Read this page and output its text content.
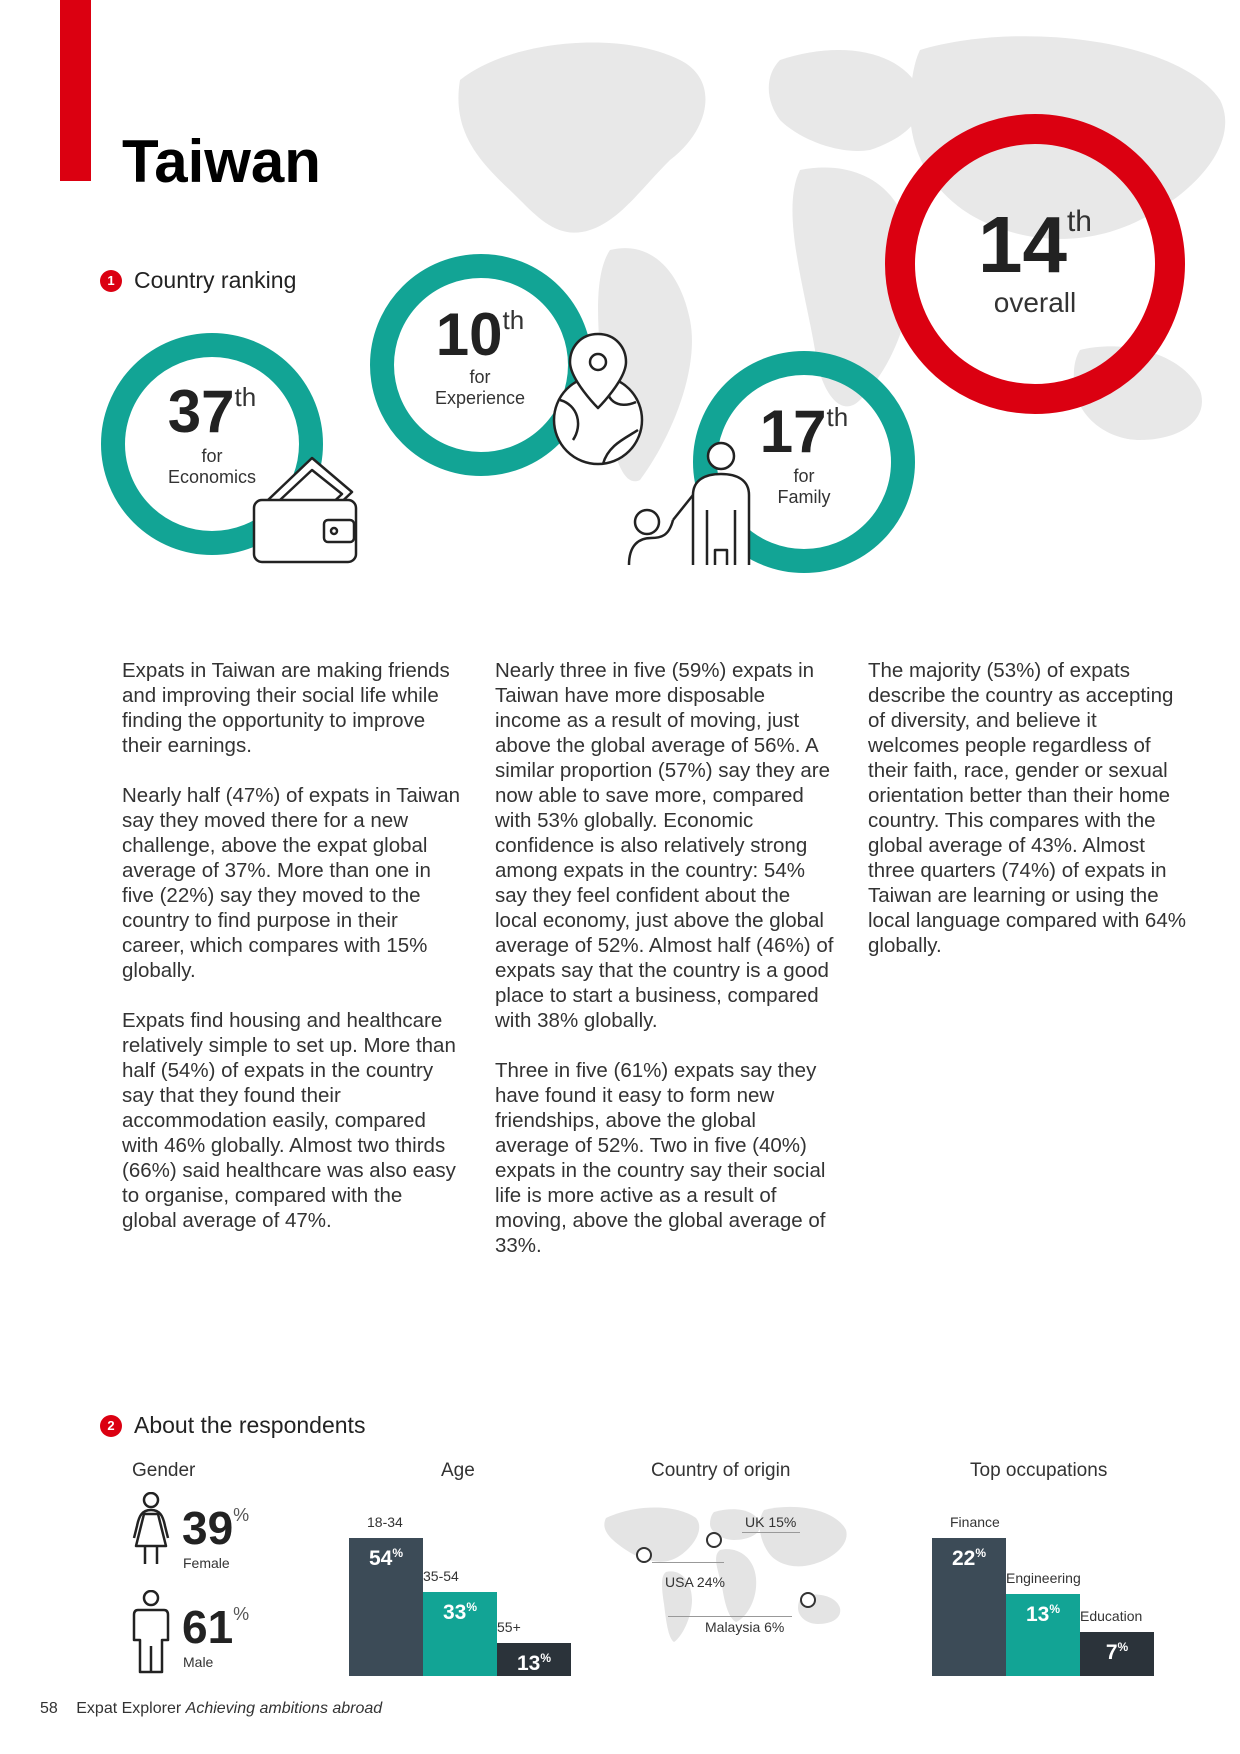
Taiwan
1 Country ranking
37th
for
Economics
10th
for
Experience	17th
for
Family
14th
overall

Expats in Taiwan are making friends and improving their social life while finding the opportunity to improve their earnings.

Nearly half (47%) of expats in Taiwan say they moved there for a new challenge, above the expat global average of 37%. More than one in five (22%) say they moved to the country to find purpose in their career, which compares with 15% globally.

Expats find housing and healthcare relatively simple to set up. More than half (54%) of expats in the country say that they found their accommodation easily, compared with 46% globally. Almost two thirds (66%) said healthcare was also easy to organise, compared with the global average of 47%.

Nearly three in five (59%) expats in Taiwan have more disposable income as a result of moving, just above the global average of 56%. A similar proportion (57%) say they are now able to save more, compared with 53% globally. Economic confidence is also relatively strong among expats in the country: 54% say they feel confident about the local economy, just above the global average of 52%. Almost half (46%) of expats say that the country is a good place to start a business, compared with 38% globally.

Three in five (61%) expats say they have found it easy to form new friendships, above the global average of 52%. Two in five (40%) expats in the country say their social life is more active as a result of moving, above the global average of 33%.

The majority (53%) of expats describe the country as accepting of diversity, and believe it welcomes people regardless of their faith, race, gender or sexual orientation better than their home country. This compares with the global average of 43%. Almost three quarters (74%) of expats in Taiwan are learning or using the local language compared with 64% globally.

2 About the respondents
Gender
39%
Female
61%
Male
Age
54%
18-34
33%
35-54
13%
55+
Country of origin
UK 15%
USA 24%
Malaysia 6%
Top occupations
22%
Finance
13%
Engineering
7%
Education
58 Expat Explorer Achieving ambitions abroad
